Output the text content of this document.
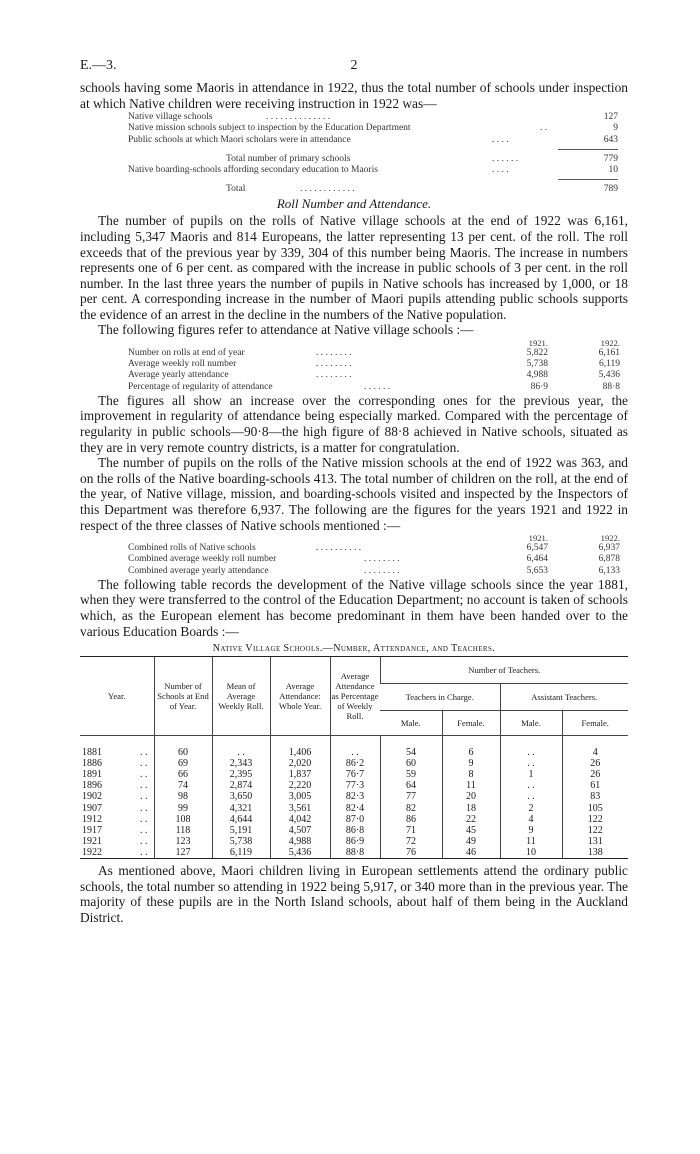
E.—3.	2

schools having some Maoris in attendance in 1922, thus the total number of schools under inspection at which Native children were receiving instruction in 1922 was—

Native village schools	. . . . . . . . . . . . . .	127
Native mission schools subject to inspection by the Education Department	. .	9
Public schools at which Maori scholars were in attendance	. . . .	643
Total number of primary schools	. . . . . .	779
Native boarding-schools affording secondary education to Maoris	. . . .	10
Total	. . . . . . . . . . . .	789
Roll Number and Attendance.

The number of pupils on the rolls of Native village schools at the end of 1922 was 6,161, including 5,347 Maoris and 814 Europeans, the latter representing 13 per cent. of the roll. The roll exceeds that of the previous year by 339, 304 of this number being Maoris. The increase in numbers represents one of 6 per cent. as compared with the increase in public schools of 3 per cent. in the roll number. In the last three years the number of pupils in Native schools has increased by 1,000, or 18 per cent. A corresponding increase in the number of Maori pupils attending public schools supports the evidence of an arrest in the decline in the numbers of the Native population.

The following figures refer to attendance at Native village schools :—

1921.	1922.
Number on rolls at end of year	. . . . . . . .	5,822	6,161
Average weekly roll number	. . . . . . . .	5,738	6,119
Average yearly attendance	. . . . . . . .	4,988	5,436
Percentage of regularity of attendance	. . . . . .	86·9	88·8

The figures all show an increase over the corresponding ones for the previous year, the improvement in regularity of attendance being especially marked. Compared with the percentage of regularity in public schools—90·8—the high figure of 88·8 achieved in Native schools, situated as they are in very remote country districts, is a matter for congratulation.

The number of pupils on the rolls of the Native mission schools at the end of 1922 was 363, and on the rolls of the Native boarding-schools 413. The total number of children on the roll, at the end of the year, of Native village, mission, and boarding-schools visited and inspected by the Inspectors of this Department was therefore 6,937. The following are the figures for the years 1921 and 1922 in respect of the three classes of Native schools mentioned :—

1921.	1922.
Combined rolls of Native schools	. . . . . . . . . .	6,547	6,937
Combined average weekly roll number	. . . . . . . .	6,464	6,878
Combined average yearly attendance	. . . . . . . .	5,653	6,133

The following table records the development of the Native village schools since the year 1881, when they were transferred to the control of the Education Department; no account is taken of schools which, as the European element has become predominant in them have been handed over to the various Education Boards :—

Native Village Schools.—Number, Attendance, and Teachers.
Year.	Number of Schools at End of Year.	Mean of Average Weekly Roll.	Average Attendance: Whole Year.	Average Attendance as Percentage of Weekly Roll.	Number of Teachers.			
					Teachers in Charge.		Assistant Teachers.	
					Male.	Female.	Male.	Female.
1881 . .	60	. .	1,406	. .	54	6	. .	4
1886 . .	69	2,343	2,020	86·2	60	9	. .	26
1891 . .	66	2,395	1,837	76·7	59	8	1	26
1896 . .	74	2,874	2,220	77·3	64	11	. .	61
1902 . .	98	3,650	3,005	82·3	77	20	. .	83
1907 . .	99	4,321	3,561	82·4	82	18	2	105
1912 . .	108	4,644	4,042	87·0	86	22	4	122
1917 . .	118	5,191	4,507	86·8	71	45	9	122
1921 . .	123	5,738	4,988	86·9	72	49	11	131
1922 . .	127	6,119	5,436	88·8	76	46	10	138

As mentioned above, Maori children living in European settlements attend the ordinary public schools, the total number so attending in 1922 being 5,917, or 340 more than in the previous year. The majority of these pupils are in the North Island schools, about half of them being in the Auckland District.
